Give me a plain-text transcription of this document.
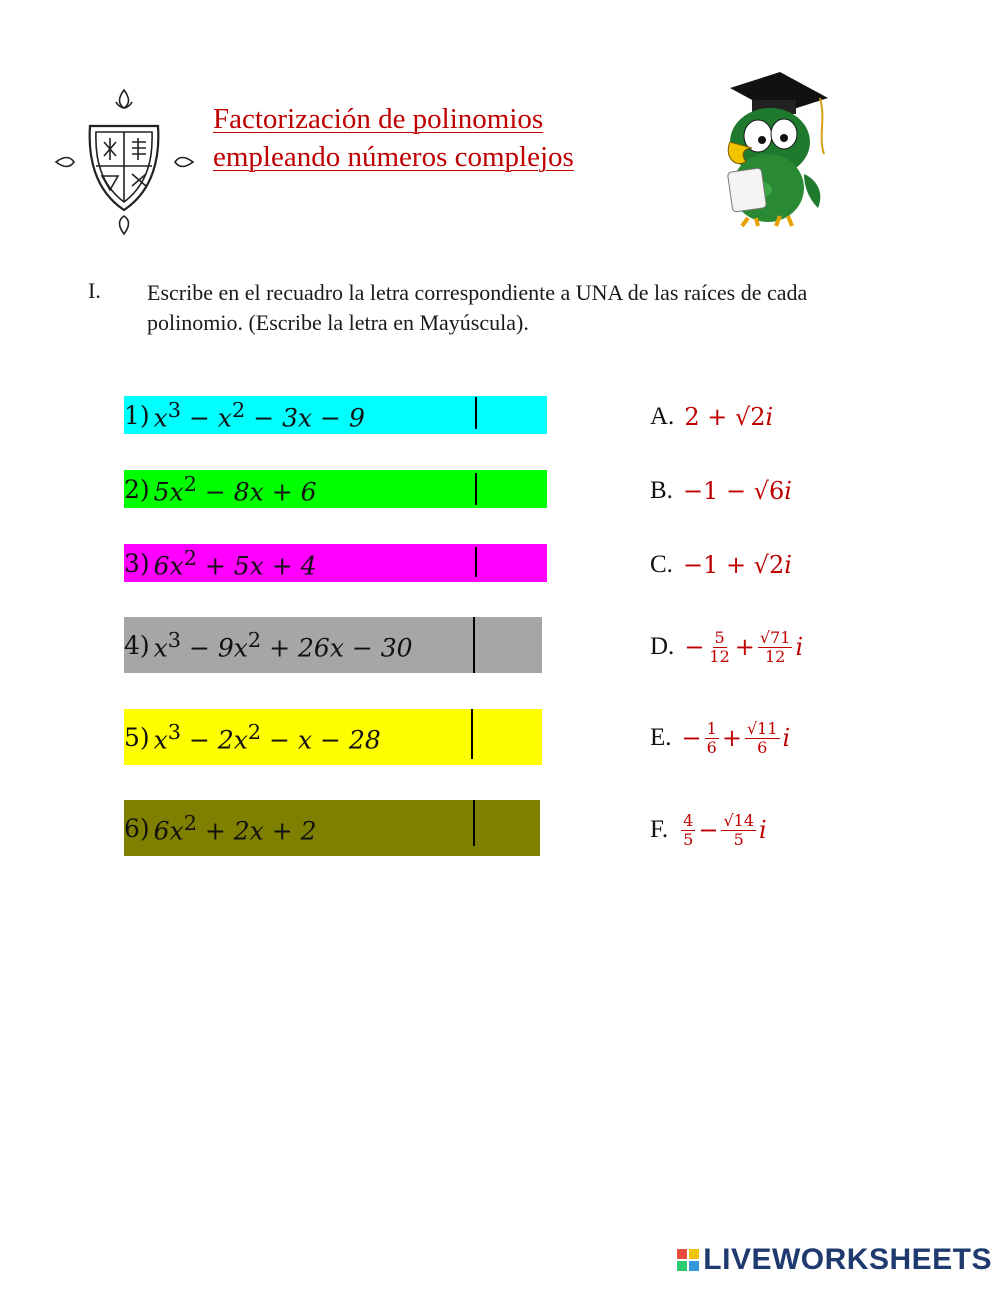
Factorización de polinomios
empleando números complejos
I. Escribe en el recuadro la letra correspondiente a UNA de las raíces de cada polinomio. (Escribe la letra en Mayúscula).
1) $x^3 - x^2 - 3x - 9$
2) $5x^2 - 8x + 6$
3) $6x^2 + 5x + 4$
4) $x^3 - 9x^2 + 26x - 30$
5) $x^3 - 2x^2 - x - 28$
6) $6x^2 + 2x + 2$
A. 2 + √2 i
B. −1 − √6 i
C. −1 + √2 i
D. − $\frac{5}{12} + \frac{√71}{12}$ i
E. − $\frac{1}{6} + \frac{√11}{6}$ i
F. $\frac{4}{5} - \frac{√14}{5}$ i
LIVEWORKSHEETS
